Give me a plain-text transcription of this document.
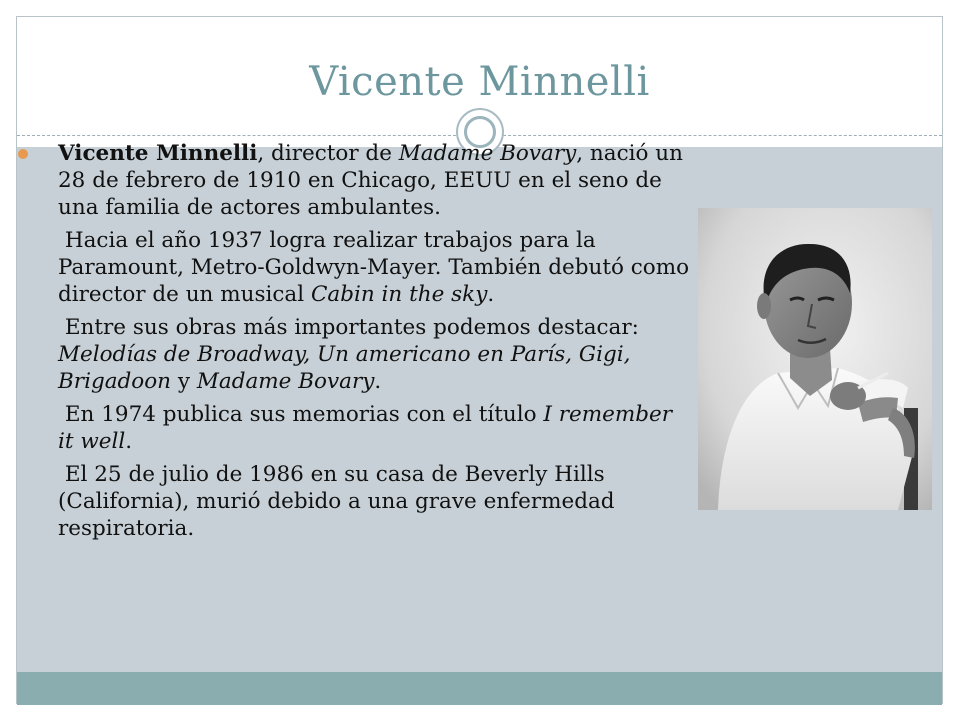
Vicente Minnelli

Vicente Minnelli, director de Madame Bovary, nació un 28 de febrero de 1910 en Chicago, EEUU en el seno de una familia de actores ambulantes.

Hacia el año 1937 logra realizar trabajos para la Paramount, Metro-Goldwyn-Mayer. También debutó como director de un musical Cabin in the sky.

Entre sus obras más importantes podemos destacar: Melodías de Broadway, Un americano en París, Gigi, Brigadoon y Madame Bovary.

En 1974 publica sus memorias con el título I remember it well.

El 25 de julio de 1986 en su casa de Beverly Hills (California), murió debido a una grave enfermedad respiratoria.
